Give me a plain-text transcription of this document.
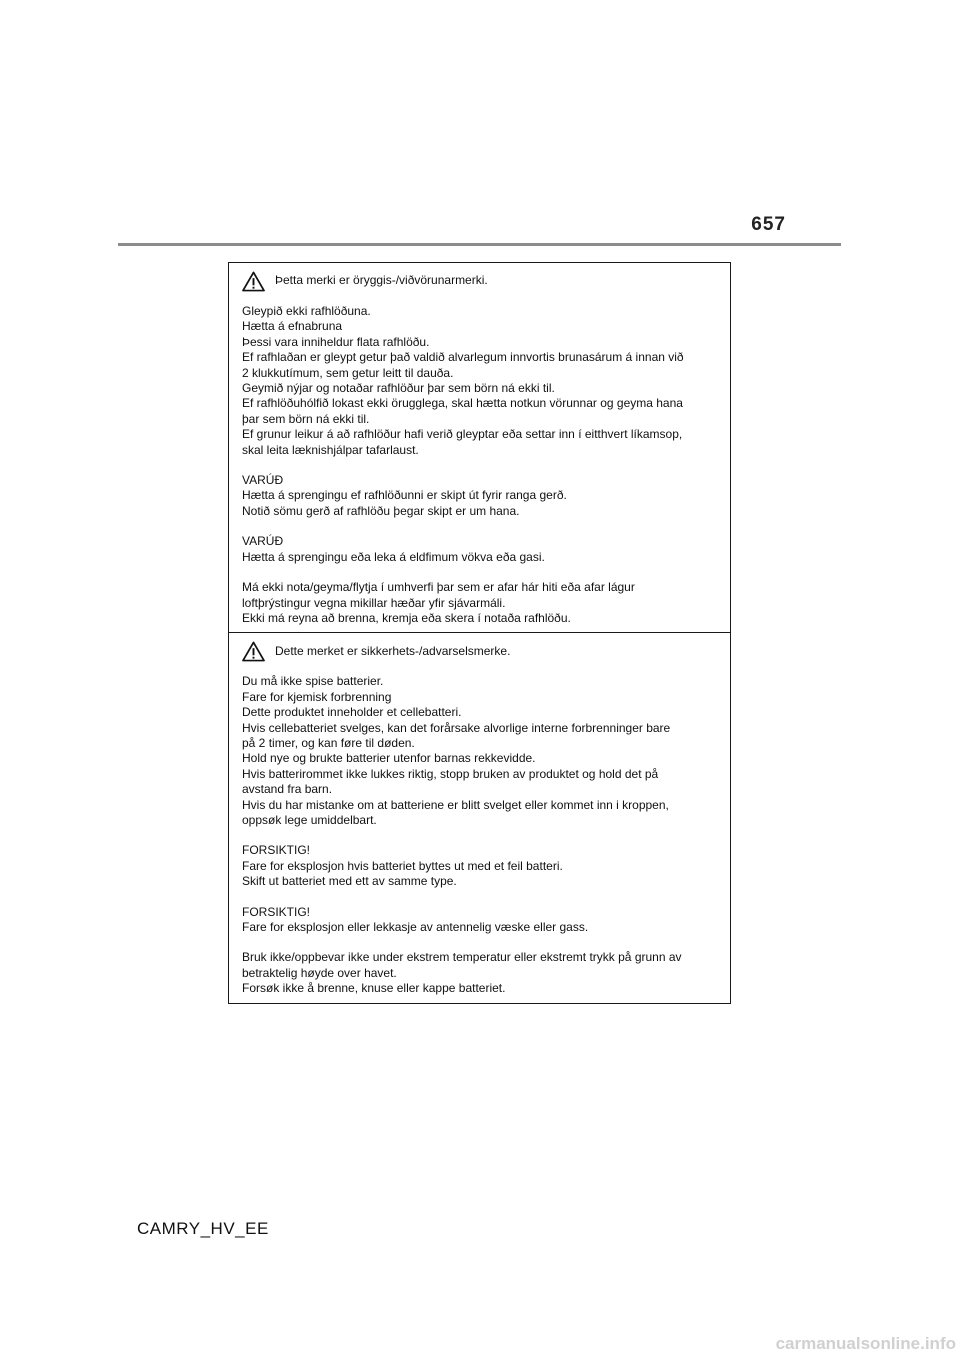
657
Þetta merki er öryggis-/viðvörunarmerki.
Gleypið ekki rafhlöðuna.
Hætta á efnabruna
Þessi vara inniheldur flata rafhlöðu.
Ef rafhlaðan er gleypt getur það valdið alvarlegum innvortis brunasárum á innan við
2 klukkutímum, sem getur leitt til dauða.
Geymið nýjar og notaðar rafhlöður þar sem börn ná ekki til.
Ef rafhlöðuhólfið lokast ekki örugglega, skal hætta notkun vörunnar og geyma hana
þar sem börn ná ekki til.
Ef grunur leikur á að rafhlöður hafi verið gleyptar eða settar inn í eitthvert líkamsop,
skal leita læknishjálpar tafarlaust.
VARÚÐ
Hætta á sprengingu ef rafhlöðunni er skipt út fyrir ranga gerð.
Notið sömu gerð af rafhlöðu þegar skipt er um hana.
VARÚÐ
Hætta á sprengingu eða leka á eldfimum vökva eða gasi.
Má ekki nota/geyma/flytja í umhverfi þar sem er afar hár hiti eða afar lágur
loftþrýstingur vegna mikillar hæðar yfir sjávarmáli.
Ekki má reyna að brenna, kremja eða skera í notaða rafhlöðu.
Dette merket er sikkerhets-/advarselsmerke.
Du må ikke spise batterier.
Fare for kjemisk forbrenning
Dette produktet inneholder et cellebatteri.
Hvis cellebatteriet svelges, kan det forårsake alvorlige interne forbrenninger bare
på 2 timer, og kan føre til døden.
Hold nye og brukte batterier utenfor barnas rekkevidde.
Hvis batterirommet ikke lukkes riktig, stopp bruken av produktet og hold det på
avstand fra barn.
Hvis du har mistanke om at batteriene er blitt svelget eller kommet inn i kroppen,
oppsøk lege umiddelbart.
FORSIKTIG!
Fare for eksplosjon hvis batteriet byttes ut med et feil batteri.
Skift ut batteriet med ett av samme type.
FORSIKTIG!
Fare for eksplosjon eller lekkasje av antennelig væske eller gass.
Bruk ikke/oppbevar ikke under ekstrem temperatur eller ekstremt trykk på grunn av
betraktelig høyde over havet.
Forsøk ikke å brenne, knuse eller kappe batteriet.
CAMRY_HV_EE
carmanualsonline.info
